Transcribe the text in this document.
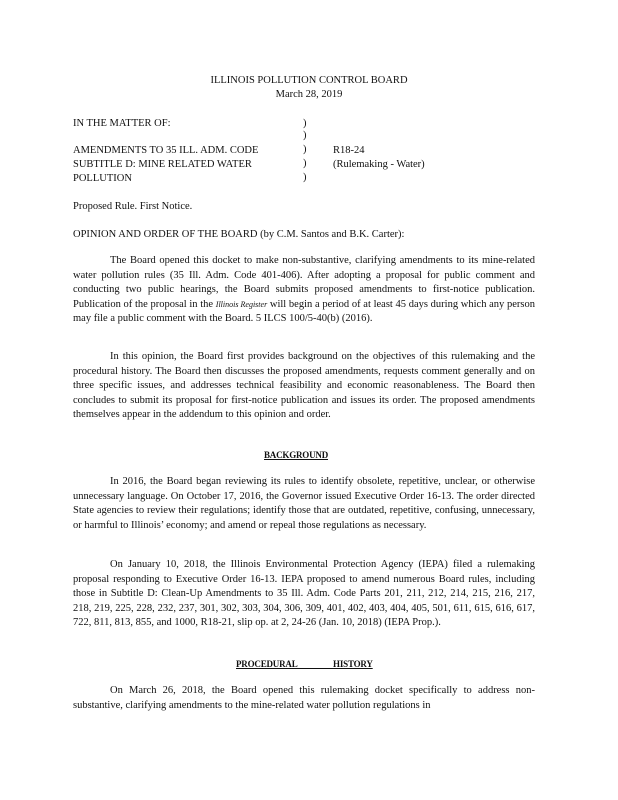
ILLINOIS POLLUTION CONTROL BOARD
March 28, 2019
IN THE MATTER OF:
AMENDMENTS TO 35 ILL. ADM. CODE
SUBTITLE D: MINE RELATED WATER
POLLUTION
)
)
)
)
)
R18-24
(Rulemaking - Water)
Proposed Rule. First Notice.
OPINION AND ORDER OF THE BOARD (by C.M. Santos and B.K. Carter):
The Board opened this docket to make non-substantive, clarifying amendments to its mine-related water pollution rules (35 Ill. Adm. Code 401-406). After adopting a proposal for public comment and conducting two public hearings, the Board submits proposed amendments to first-notice publication. Publication of the proposal in the Illinois Register will begin a period of at least 45 days during which any person may file a public comment with the Board. 5 ILCS 100/5-40(b) (2016).
In this opinion, the Board first provides background on the objectives of this rulemaking and the procedural history. The Board then discusses the proposed amendments, requests comment generally and on three specific issues, and addresses technical feasibility and economic reasonableness. The Board then concludes to submit its proposal for first-notice publication and issues its order. The proposed amendments themselves appear in the addendum to this opinion and order.
BACKGROUND
In 2016, the Board began reviewing its rules to identify obsolete, repetitive, unclear, or otherwise unnecessary language. On October 17, 2016, the Governor issued Executive Order 16-13. The order directed State agencies to review their regulations; identify those that are outdated, repetitive, confusing, unnecessary, or harmful to Illinois’ economy; and amend or repeal those regulations as necessary.
On January 10, 2018, the Illinois Environmental Protection Agency (IEPA) filed a rulemaking proposal responding to Executive Order 16-13. IEPA proposed to amend numerous Board rules, including those in Subtitle D: Clean-Up Amendments to 35 Ill. Adm. Code Parts 201, 211, 212, 214, 215, 216, 217, 218, 219, 225, 228, 232, 237, 301, 302, 303, 304, 306, 309, 401, 402, 403, 404, 405, 501, 611, 615, 616, 617, 722, 811, 813, 855, and 1000, R18-21, slip op. at 2, 24-26 (Jan. 10, 2018) (IEPA Prop.).
PROCEDURAL HISTORY
On March 26, 2018, the Board opened this rulemaking docket specifically to address non-substantive, clarifying amendments to the mine-related water pollution regulations in
